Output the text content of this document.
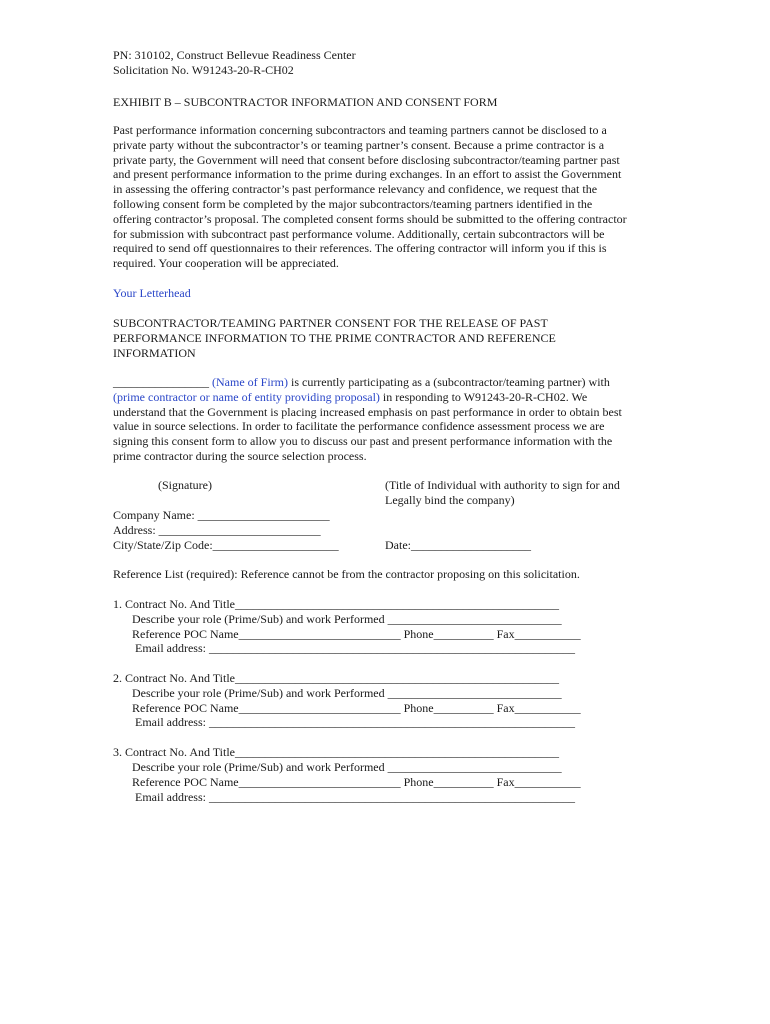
PN: 310102, Construct Bellevue Readiness Center
Solicitation No. W91243-20-R-CH02
EXHIBIT B – SUBCONTRACTOR INFORMATION AND CONSENT FORM
Past performance information concerning subcontractors and teaming partners cannot be disclosed to a
private party without the subcontractor’s or teaming partner’s consent. Because a prime contractor is a
private party, the Government will need that consent before disclosing subcontractor/teaming partner past
and present performance information to the prime during exchanges. In an effort to assist the Government
in assessing the offering contractor’s past performance relevancy and confidence, we request that the
following consent form be completed by the major subcontractors/teaming partners identified in the
offering contractor’s proposal. The completed consent forms should be submitted to the offering contractor
for submission with subcontract past performance volume. Additionally, certain subcontractors will be
required to send off questionnaires to their references. The offering contractor will inform you if this is
required. Your cooperation will be appreciated.
Your Letterhead
SUBCONTRACTOR/TEAMING PARTNER CONSENT FOR THE RELEASE OF PAST
PERFORMANCE INFORMATION TO THE PRIME CONTRACTOR AND REFERENCE
INFORMATION
________________ (Name of Firm) is currently participating as a (subcontractor/teaming partner) with
(prime contractor or name of entity providing proposal) in responding to W91243-20-R-CH02. We
understand that the Government is placing increased emphasis on past performance in order to obtain best
value in source selections. In order to facilitate the performance confidence assessment process we are
signing this consent form to allow you to discuss our past and present performance information with the
prime contractor during the source selection process.
(Signature)	(Title of Individual with authority to sign for and
Legally bind the company)
Company Name: ______________________
Address: ___________________________
City/State/Zip Code:_____________________	Date:____________________
Reference List (required): Reference cannot be from the contractor proposing on this solicitation.
1. Contract No. And Title______________________________________________________
Describe your role (Prime/Sub) and work Performed _____________________________
Reference POC Name___________________________ Phone__________ Fax___________
Email address: _____________________________________________________________
2. Contract No. And Title______________________________________________________
Describe your role (Prime/Sub) and work Performed _____________________________
Reference POC Name___________________________ Phone__________ Fax___________
Email address: _____________________________________________________________
3. Contract No. And Title______________________________________________________
Describe your role (Prime/Sub) and work Performed _____________________________
Reference POC Name___________________________ Phone__________ Fax___________
Email address: _____________________________________________________________
